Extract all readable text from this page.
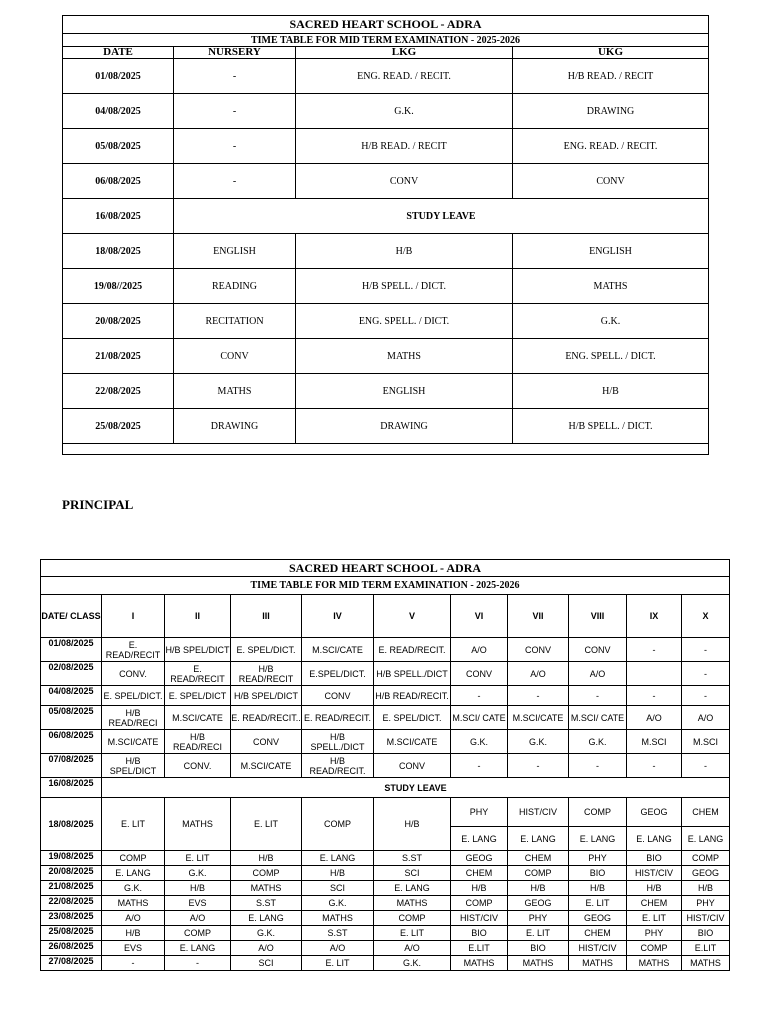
SACRED HEART SCHOOL - ADRA			
TIME TABLE FOR MID TERM EXAMINATION - 2025-2026			
DATE	NURSERY	LKG	UKG
01/08/2025	-	ENG. READ. / RECIT.	H/B READ. / RECIT
04/08/2025	-	G.K.	DRAWING
05/08/2025	-	H/B READ. / RECIT	ENG. READ. / RECIT.
06/08/2025	-	CONV	CONV
16/08/2025	STUDY LEAVE		
18/08/2025	ENGLISH	H/B	ENGLISH
19/08//2025	READING	H/B SPELL. / DICT.	MATHS
20/08/2025	RECITATION	ENG. SPELL. / DICT.	G.K.
21/08/2025	CONV	MATHS	ENG. SPELL. / DICT.
22/08/2025	MATHS	ENGLISH	H/B
25/08/2025	DRAWING	DRAWING	H/B SPELL. / DICT.

PRINCIPAL
SACRED HEART SCHOOL - ADRA										
TIME TABLE FOR MID TERM EXAMINATION - 2025-2026										
DATE/ CLASS	I	II	III	IV	V	VI	VII	VIII	IX	X
01/08/2025	E. READ/RECIT	H/B SPEL/DICT	E. SPEL/DICT.	M.SCI/CATE	E. READ/RECIT.	A/O	CONV	CONV	-	-
02/08/2025	CONV.	E. READ/RECIT	H/B READ/RECIT	E.SPEL/DICT.	H/B SPELL./DICT	CONV	A/O	A/O		-
04/08/2025	E. SPEL/DICT.	E. SPEL/DICT	H/B SPEL/DICT	CONV	H/B READ/RECIT.	-	-	-	-	-
05/08/2025	H/B READ/RECI	M.SCI/CATE	E. READ/RECIT..	E. READ/RECIT.	E. SPEL/DICT.	M.SCI/ CATE	M.SCI/CATE	M.SCI/ CATE	A/O	A/O
06/08/2025	M.SCI/CATE	H/B READ/RECI	CONV	H/B SPELL./DICT	M.SCI/CATE	G.K.	G.K.	G.K.	M.SCI	M.SCI
07/08/2025	H/B SPEL/DICT	CONV.	M.SCI/CATE	H/B READ/RECIT.	CONV	-	-	-	-	-
16/08/2025	STUDY LEAVE									
18/08/2025	E. LIT	MATHS	E. LIT	COMP	H/B	PHY	HIST/CIV	COMP	GEOG	CHEM
						E. LANG	E. LANG	E. LANG	E. LANG	E. LANG
19/08/2025	COMP	E. LIT	H/B	E. LANG	S.ST	GEOG	CHEM	PHY	BIO	COMP
20/08/2025	E. LANG	G.K.	COMP	H/B	SCI	CHEM	COMP	BIO	HIST/CIV	GEOG
21/08/2025	G.K.	H/B	MATHS	SCI	E. LANG	H/B	H/B	H/B	H/B	H/B
22/08/2025	MATHS	EVS	S.ST	G.K.	MATHS	COMP	GEOG	E. LIT	CHEM	PHY
23/08/2025	A/O	A/O	E. LANG	MATHS	COMP	HIST/CIV	PHY	GEOG	E. LIT	HIST/CIV
25/08/2025	H/B	COMP	G.K.	S.ST	E. LIT	BIO	E. LIT	CHEM	PHY	BIO
26/08/2025	EVS	E. LANG	A/O	A/O	A/O	E.LIT	BIO	HIST/CIV	COMP	E.LIT
27/08/2025	-	-	SCI	E. LIT	G.K.	MATHS	MATHS	MATHS	MATHS	MATHS
